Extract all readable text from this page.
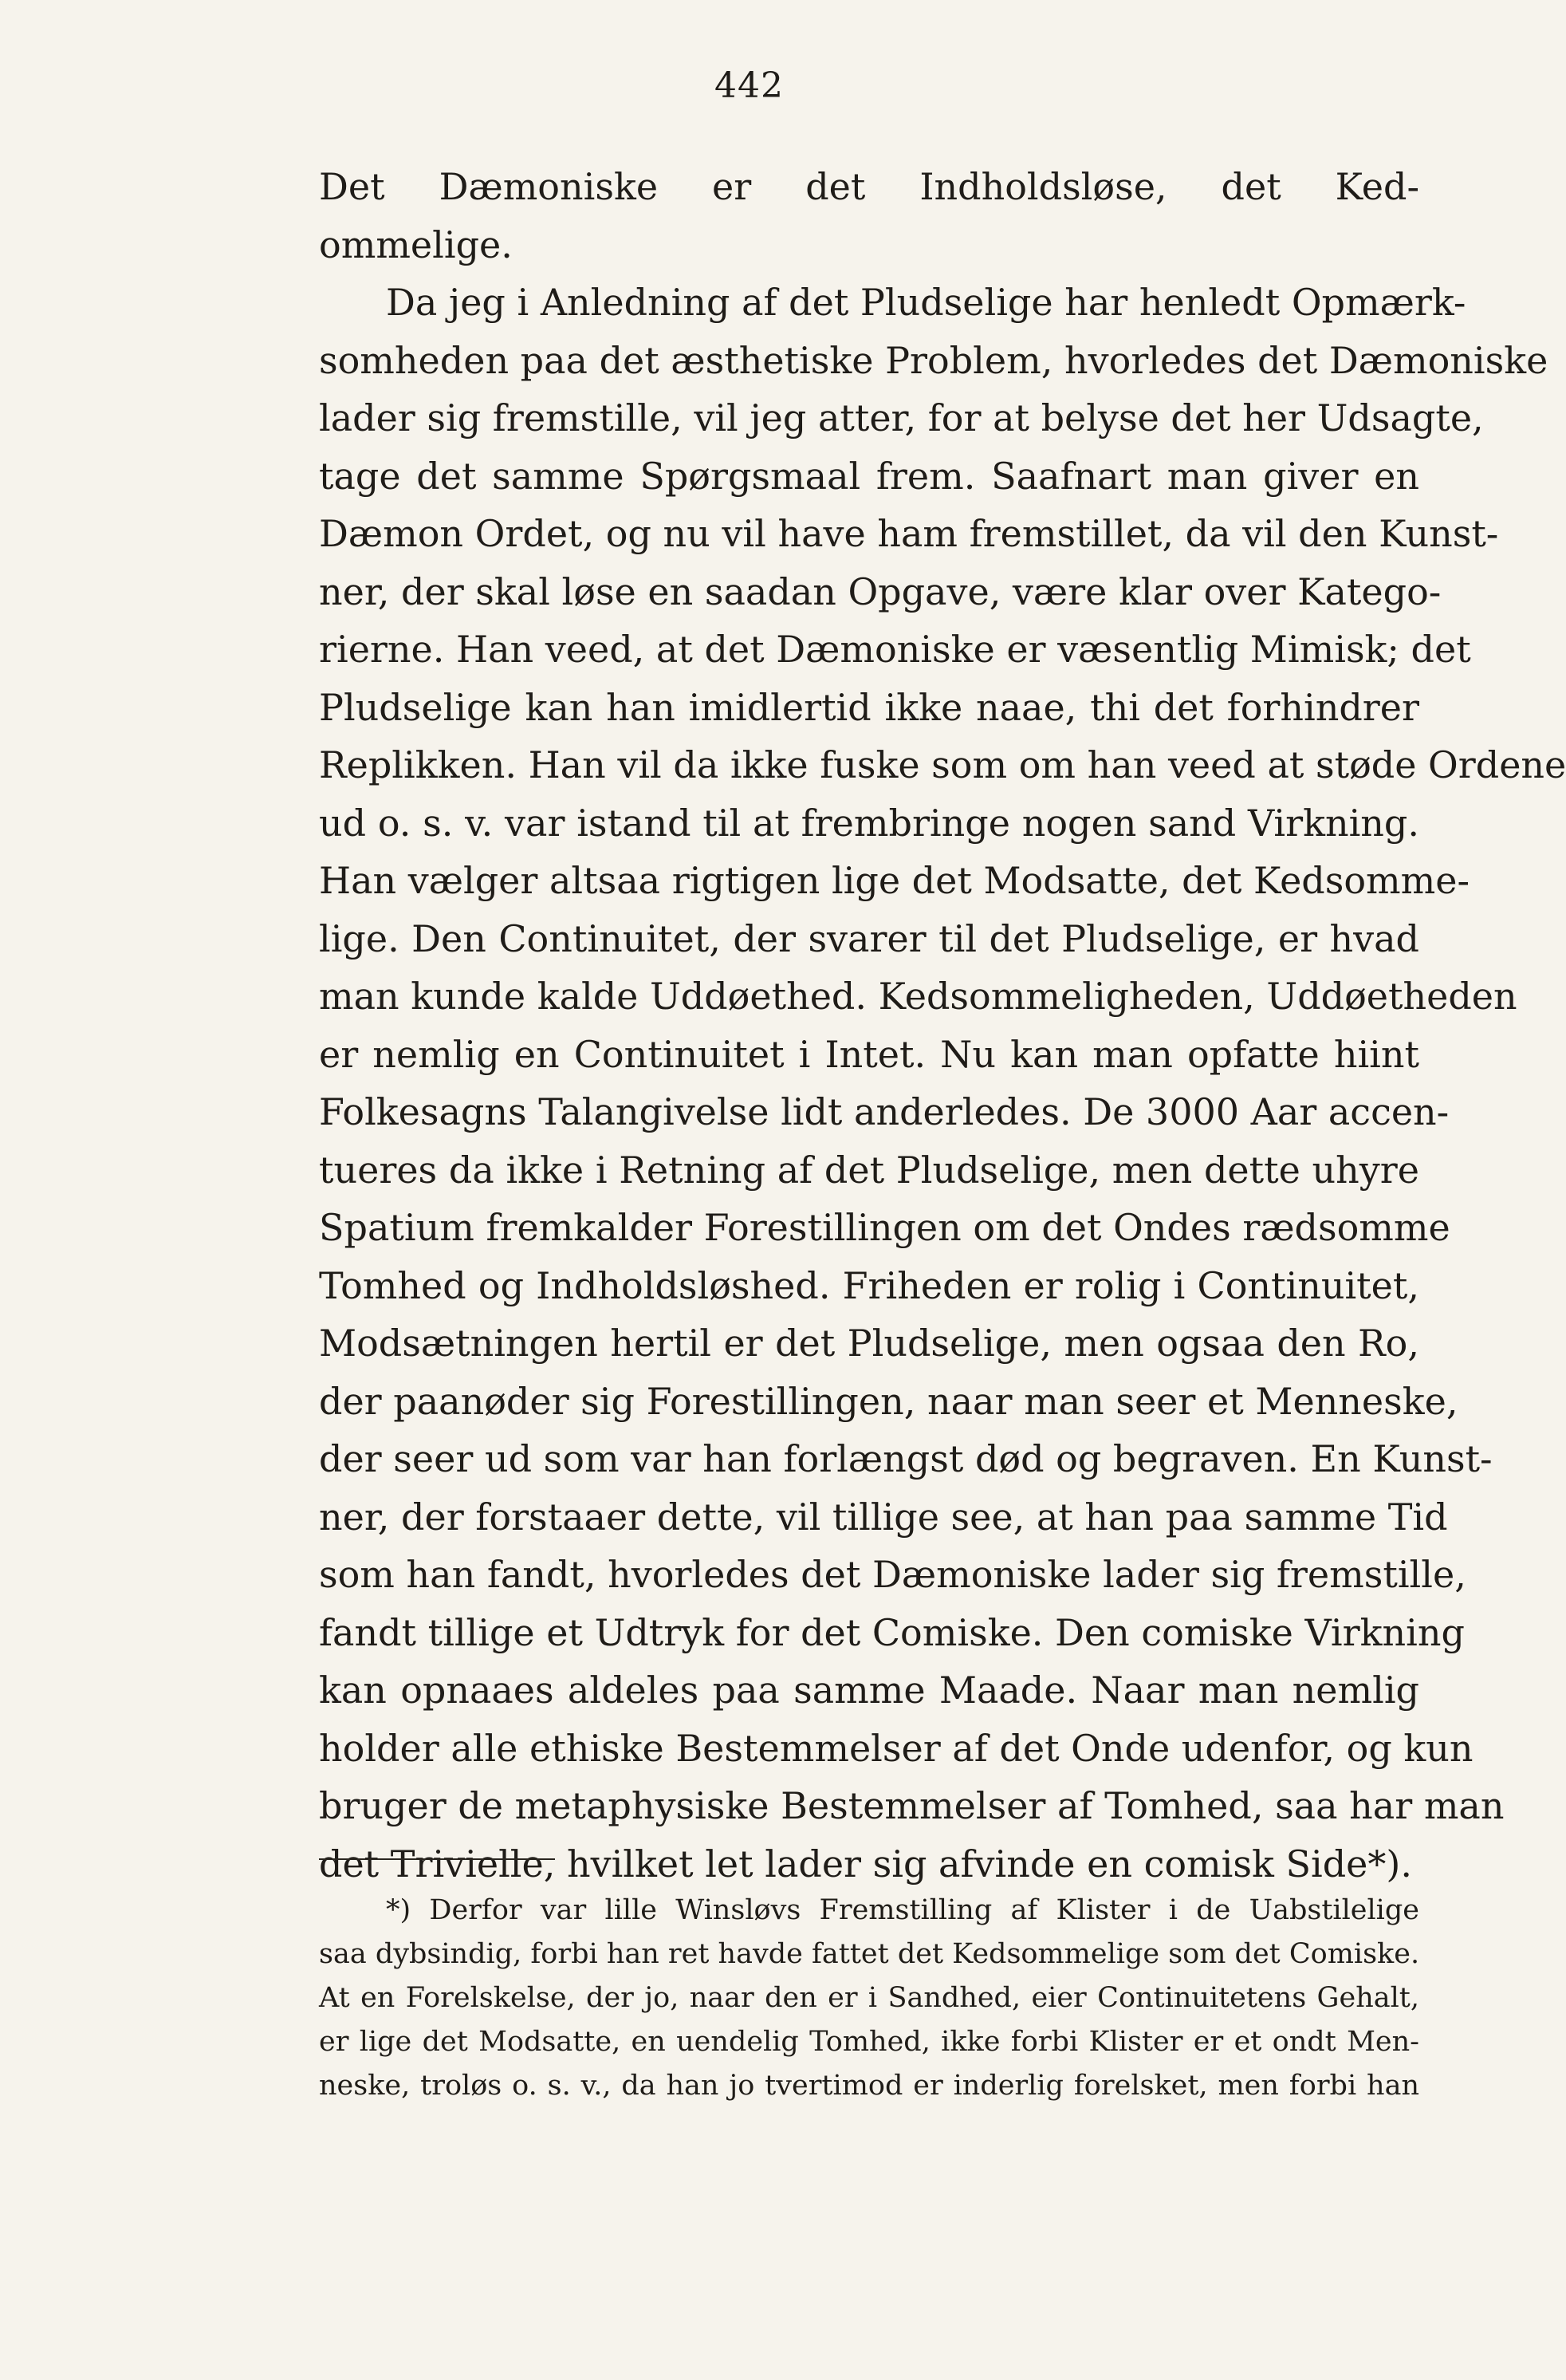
442
Det Dæmoniske er det Indholdsløse, det Ked-
ommelige.
Da jeg i Anledning af det Pludselige har henledt Opmærk-
somheden paa det æsthetiske Problem, hvorledes det Dæmoniske
lader sig fremstille, vil jeg atter, for at belyse det her Udsagte,
tage det samme Spørgsmaal frem. Saafnart man giver en
Dæmon Ordet, og nu vil have ham fremstillet, da vil den Kunst-
ner, der skal løse en saadan Opgave, være klar over Katego-
rierne. Han veed, at det Dæmoniske er væsentlig Mimisk; det
Pludselige kan han imidlertid ikke naae, thi det forhindrer
Replikken. Han vil da ikke fuske som om han veed at støde Ordene
ud o. s. v. var istand til at frembringe nogen sand Virkning.
Han vælger altsaa rigtigen lige det Modsatte, det Kedsomme-
lige. Den Continuitet, der svarer til det Pludselige, er hvad
man kunde kalde Uddøethed. Kedsommeligheden, Uddøetheden
er nemlig en Continuitet i Intet. Nu kan man opfatte hiint
Folkesagns Talangivelse lidt anderledes. De 3000 Aar accen-
tueres da ikke i Retning af det Pludselige, men dette uhyre
Spatium fremkalder Forestillingen om det Ondes rædsomme
Tomhed og Indholdsløshed. Friheden er rolig i Continuitet,
Modsætningen hertil er det Pludselige, men ogsaa den Ro,
der paanøder sig Forestillingen, naar man seer et Menneske,
der seer ud som var han forlængst død og begraven. En Kunst-
ner, der forstaaer dette, vil tillige see, at han paa samme Tid
som han fandt, hvorledes det Dæmoniske lader sig fremstille,
fandt tillige et Udtryk for det Comiske. Den comiske Virkning
kan opnaaes aldeles paa samme Maade. Naar man nemlig
holder alle ethiske Bestemmelser af det Onde udenfor, og kun
bruger de metaphysiske Bestemmelser af Tomhed, saa har man
det Trivielle, hvilket let lader sig afvinde en comisk Side*).
*) Derfor var lille Winsløvs Fremstilling af Klister i de Uabstilelige
saa dybsindig, forbi han ret havde fattet det Kedsommelige som det Comiske.
At en Forelskelse, der jo, naar den er i Sandhed, eier Continuitetens Gehalt,
er lige det Modsatte, en uendelig Tomhed, ikke forbi Klister er et ondt Men-
neske, troløs o. s. v., da han jo tvertimod er inderlig forelsket, men forbi han
